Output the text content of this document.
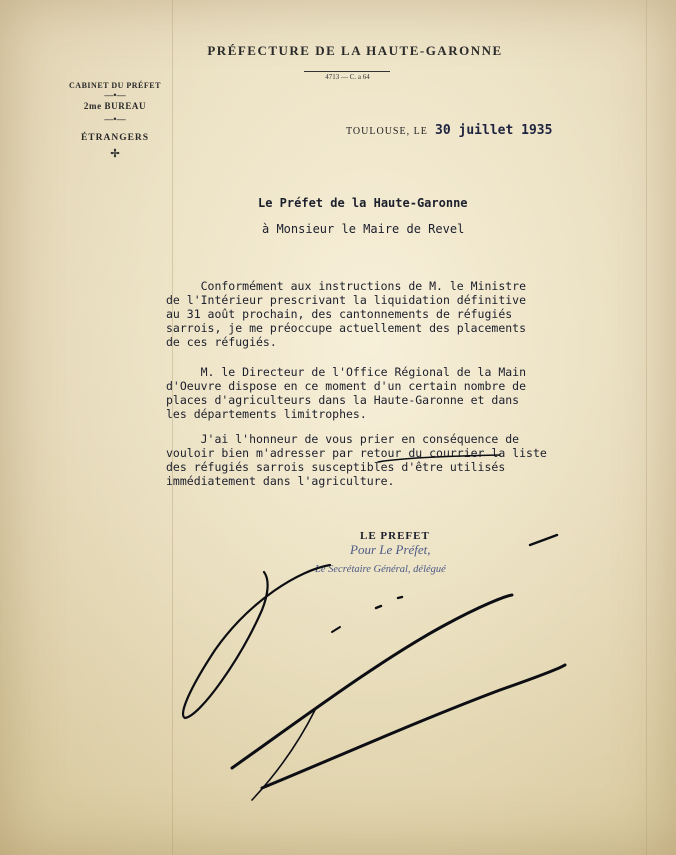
PRÉFECTURE DE LA HAUTE-GARONNE
4713 — C. a 64
CABINET DU PRÉFET
—•—
2me BUREAU
—•—
ÉTRANGERS
✢
TOULOUSE, LE 30 juillet 1935
Le Préfet de la Haute-Garonne
à Monsieur le Maire de Revel
Conformément aux instructions de M. le Ministre
de l'Intérieur prescrivant la liquidation définitive
au 31 août prochain, des cantonnements de réfugiés
sarrois, je me préoccupe actuellement des placements
de ces réfugiés.
M. le Directeur de l'Office Régional de la Main
d'Oeuvre dispose en ce moment d'un certain nombre de
places d'agriculteurs dans la Haute-Garonne et dans
les départements limitrophes.
J'ai l'honneur de vous prier en conséquence de
vouloir bien m'adresser par retour du courrier la liste
des réfugiés sarrois susceptibles d'être utilisés
immédiatement dans l'agriculture.
LE PREFET
Pour Le Préfet,
Le Secrétaire Général, délégué
